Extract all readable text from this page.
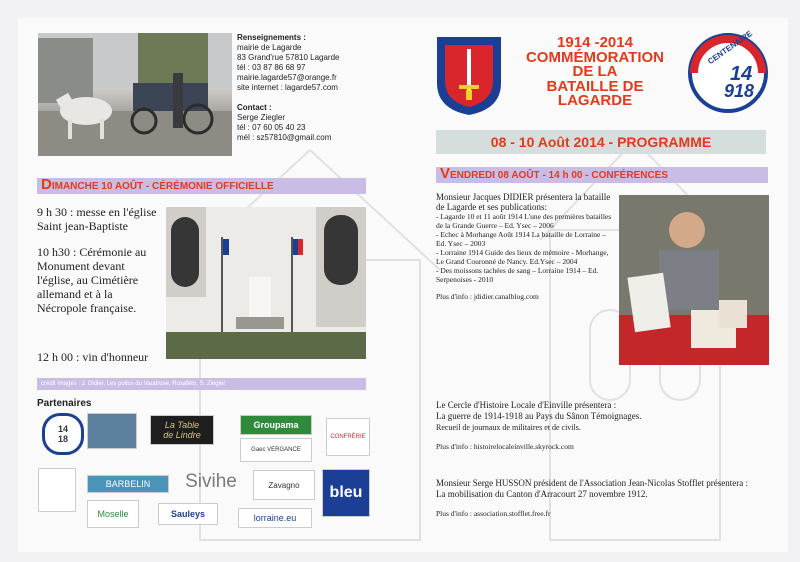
Renseignements :
mairie de Lagarde
83 Grand'rue 57810 Lagarde
tél : 03 87 86 68 97
mairie.lagarde57@orange.fr
site internet : lagarde57.com
Contact :
Serge Ziegler
tél : 07 60 05 40 23
mél : sz57810@gmail.com
1914 -2014
COMMÉMORATION
DE LA
BATAILLE DE
LAGARDE
CENTENAIRE
14
918
08 - 10 Août 2014 - PROGRAMME
DIMANCHE 10 AOÛT - CÉRÉMONIE OFFICIELLE
9 h 30 : messe en l'église Saint jean-Baptiste
10 h30 : Cérémonie au Monument devant l'église, au Cimétière allemand et à la Nécropole française.
12 h 00 : vin d'honneur
crédit images : J. Didier, Les poilus du Vaudruse, Rosaféto, S. Ziegler
Partenaires
14
18
La Table
de Lindre
Groupama
Gaec VERGANCE
CONFRÉRIE
BARBELIN	Sivihe	Zavagno	bleu
Moselle	Sauleys	lorraine.eu
VENDREDI 08 AOÛT - 14 h 00 - CONFÉRENCES
Monsieur Jacques DIDIER présentera la bataille de Lagarde et ses publications:
- Lagarde 10 et 11 août 1914 L'une des premières batailles de la Grande Guerre – Ed. Ysec – 2006
- Echec à Morhange Août 1914 La bataille de Lorraine – Ed. Ysec – 2003
- Lorraine 1914 Guide des lieux de mémoire - Morhange, Le Grand Couronné de Nancy. Ed.Ysec – 2004
- Des moissons tachées de sang – Lorraine 1914 – Ed. Serpenoises - 2010
Plus d'info : jdidier.canalblog.com
Le Cercle d'Histoire Locale d'Einville présentera :
La guerre de 1914-1918 au Pays du Sânon Témoignages.
Recueil de journaux de militaires et de civils.
Plus d'info : histoirelocaleinville.skyrock.com
Monsieur Serge HUSSON président de l'Association Jean-Nicolas Stofflet présentera :
La mobilisation du Canton d'Arracourt 27 novembre 1912.
Plus d'info : association.stofflet.free.fr
